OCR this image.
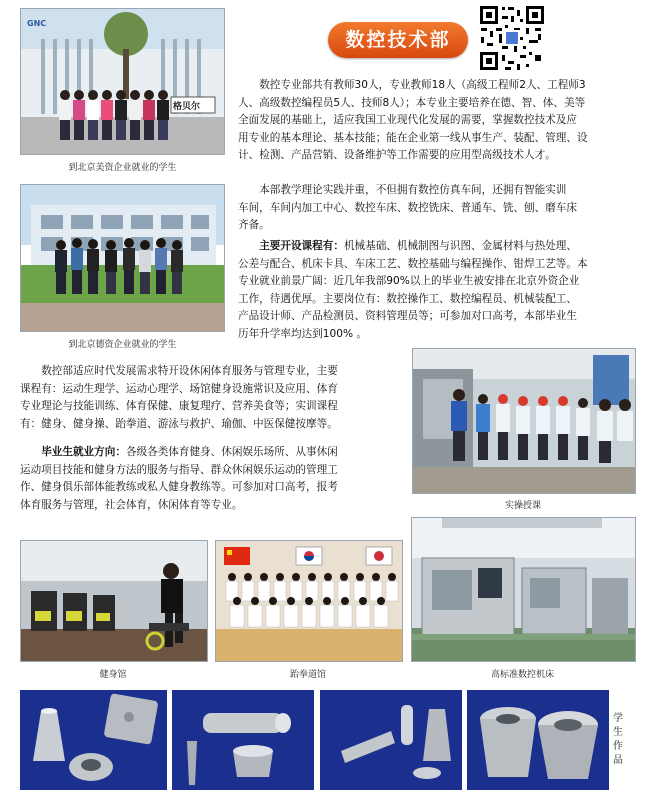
数控技术部
GNC
格贝尔
到北京美资企业就业的学生
到北京德资企业就业的学生
数控专业部共有教师30人，专业教师18人（高级工程师2人、工程师3
人、高级数控编程员5人、技师8人）；本专业主要培养在德、智、体、美等
全面发展的基础上，适应我国工业现代化发展的需要，掌握数控技术及应
用专业的基本理论、基本技能；能在企业第一线从事生产、装配、管理、设
计、检测、产品营销、设备维护等工作需要的应用型高级技术人才。
本部教学理论实践并重，不但拥有数控仿真车间，还拥有智能实训
车间，车间内加工中心、数控车床、数控铣床、普通车、铣、刨、磨车床
齐备。
主要开设课程有：机械基础、机械制图与识图、金属材料与热处理、
公差与配合、机床卡具、车床工艺、数控基础与编程操作、钳焊工艺等。本
专业就业前景广阔：近几年我部90%以上的毕业生被安排在北京外资企业
工作，待遇优厚。主要岗位有：数控操作工、数控编程员、机械装配工、
产品设计师、产品检测员、资料管理员等；可参加对口高考，本部毕业生
历年升学率均达到100% 。
实操授课
数控部适应时代发展需求特开设休闲体育服务与管理专业，主要
课程有：运动生理学、运动心理学、场馆健身设施常识及应用、体育
专业理论与技能训练、体育保健、康复理疗、营养美食等；实训课程
有：健身、健身操、跆拳道、游泳与救护、瑜伽、中医保健按摩等。
毕业生就业方向：各级各类体育健身、休闲娱乐场所、从事休闲
运动项目技能和健身方法的服务与指导、群众休闲娱乐运动的管理工
作、健身俱乐部体能教练或私人健身教练等。可参加对口高考，报考
体育服务与管理，社会体育，休闲体育等专业。
健身馆	跆拳道馆	高标准数控机床
学生作品
